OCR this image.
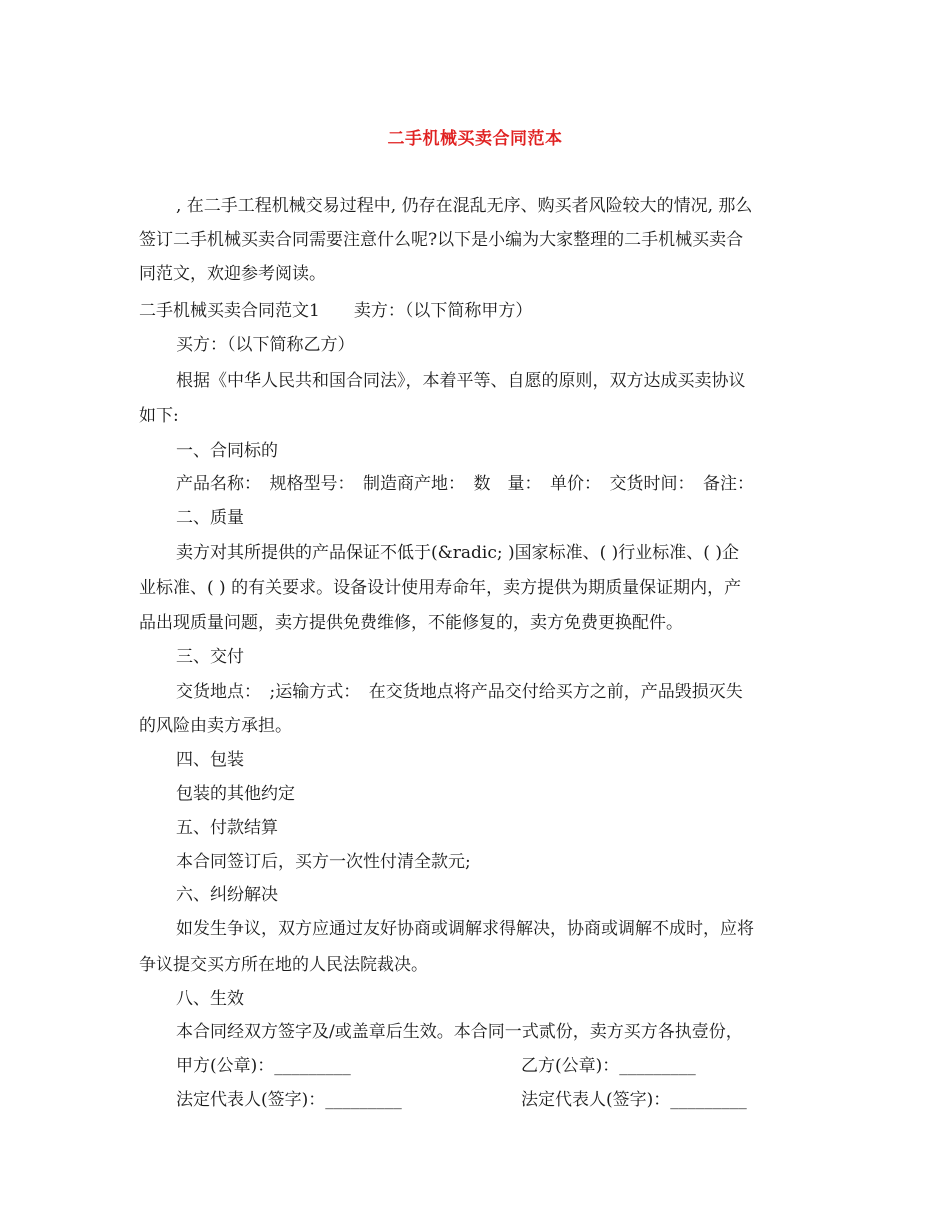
二手机械买卖合同范本
, 在二手工程机械交易过程中, 仍存在混乱无序、购买者风险较大的情况, 那么
签订二手机械买卖合同需要注意什么呢?以下是小编为大家整理的二手机械买卖合
同范文，欢迎参考阅读。
二手机械买卖合同范文1　　卖方：（以下简称甲方）
买方：（以下简称乙方）
根据《中华人民共和国合同法》，本着平等、自愿的原则，双方达成买卖协议
如下:
一、合同标的
产品名称：　规格型号：　制造商产地：　数　量：　单价：　交货时间：　备注：
二、质量
卖方对其所提供的产品保证不低于(&radic; )国家标准、( )行业标准、( )企
业标准、( ) 的有关要求。设备设计使用寿命年，卖方提供为期质量保证期内，产
品出现质量问题，卖方提供免费维修，不能修复的，卖方免费更换配件。
三、交付
交货地点：　;运输方式：　在交货地点将产品交付给买方之前，产品毁损灭失
的风险由卖方承担。
四、包装
包装的其他约定
五、付款结算
本合同签订后，买方一次性付清全款元;
六、纠纷解决
如发生争议，双方应通过友好协商或调解求得解决，协商或调解不成时，应将
争议提交买方所在地的人民法院裁决。
八、生效
本合同经双方签字及/或盖章后生效。本合同一式贰份，卖方买方各执壹份，
甲方(公章)：_________	乙方(公章)：_________
法定代表人(签字)：_________	法定代表人(签字)：_________
